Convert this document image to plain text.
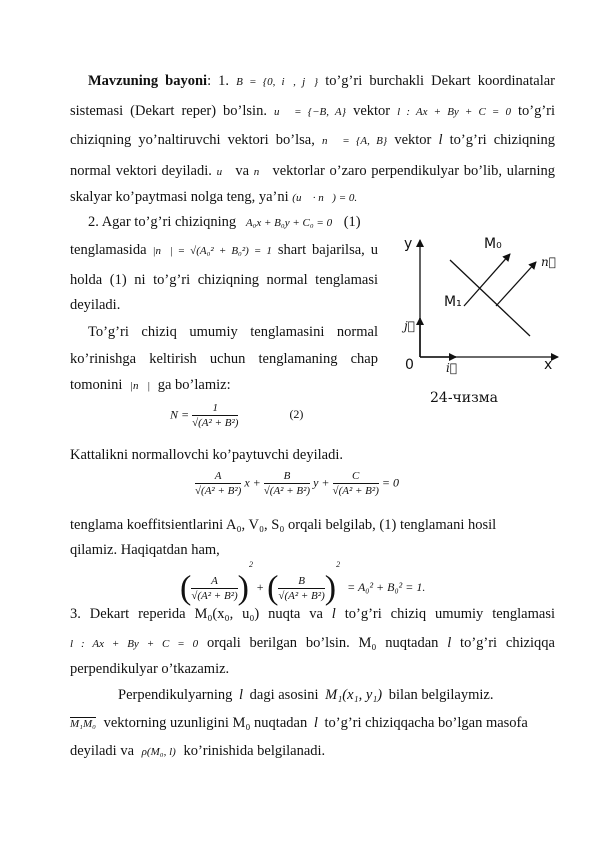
Mavzuning bayoni: 1. B = {0, i⃗, j⃗} to’g’ri burchakli Dekart koordinatalar
sistemasi (Dekart reper) bo’lsin. u⃗ = {−B, A} vektor l : Ax + By + C = 0 to’g’ri
chiziqning yo’naltiruvchi vektori bo’lsa, n⃗ = {A, B} vektor l to’g’ri chiziqning
normal vektori deyiladi. u⃗ va n⃗ vektorlar o’zaro perpendikulyar bo’lib, ularning
skalyar ko’paytmasi nolga teng, ya’ni (u⃗ · n⃗) = 0.
2. Agar to’g’ri chiziqning A₀x + B₀y + C₀ = 0 (1)
tenglamasida |n⃗| = √(A₀² + B₀²) = 1 shart bajarilsa, u
holda (1) ni to’g’ri chiziqning normal tenglamasi
deyiladi.
To’g’ri chiziq umumiy tenglamasini normal
ko’rinishga keltirish uchun tenglamaning chap
tomonini |n⃗| ga bo’lamiz:
$N = \frac{1}{\text{√(A² + B²)}}$	(2)
Kattalikni normallovchi ko’paytuvchi deyiladi.
$\frac{A}{\text{√(A² + B²)}}$ $x + \frac{B}{\text{√(A² + B²)}}$ $y + \frac{C}{\text{√(A² + B²)}} = 0$
tenglama koeffitsientlarini A₀, V₀, S₀ orqali belgilab, (1) tenglamani hosil
qilamiz. Haqiqatdan ham,
( $\frac{A}{\text{√(A² + B²)}} )^2$ + ( $\frac{B}{\text{√(A² + B²)}} )^2 = A_0^2 + B_0^2 = 1$.
3. Dekart reperida M₀(x₀, u₀) nuqta va l to’g’ri chiziq umumiy tenglamasi
l : Ax + By + C = 0 orqali berilgan bo’lsin. M₀ nuqtadan l to’g’ri chiziqqa
perpendikulyar o’tkazamiz.
Perpendikulyarning l dagi asosini M₁(x₁, y₁) bilan belgilaymiz.
M₁M₀ vektorning uzunligini M₀ nuqtadan l to’g’ri chiziqqacha bo’lgan masofa
deyiladi va ρ(M₀, l) ko’rinishida belgilanadi.
y
x
0	i⃗
j⃗
M₀
M₁
n⃗
24-чизма
